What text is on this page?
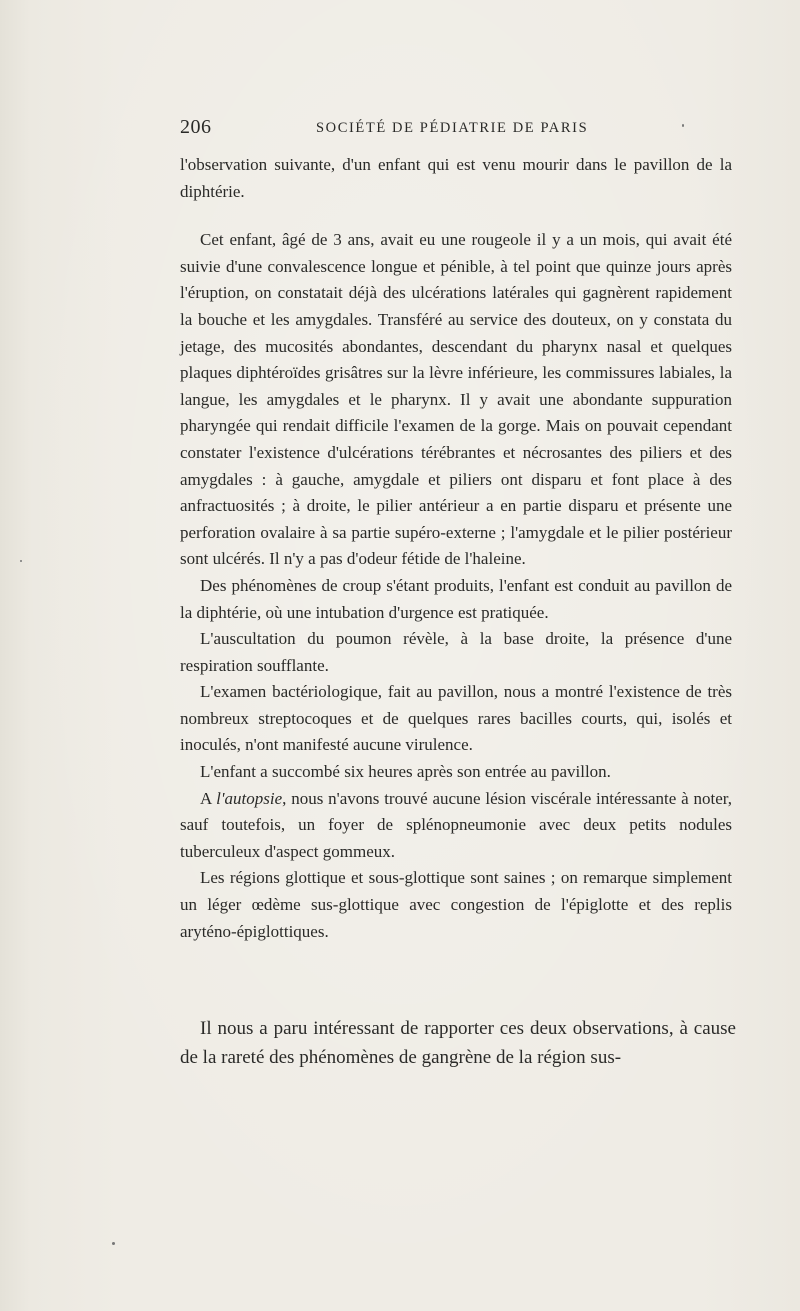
206	SOCIÉTÉ DE PÉDIATRIE DE PARIS

l'observation suivante, d'un enfant qui est venu mourir dans le pavillon de la diphtérie.

Cet enfant, âgé de 3 ans, avait eu une rougeole il y a un mois, qui avait été suivie d'une convalescence longue et pénible, à tel point que quinze jours après l'éruption, on constatait déjà des ulcérations latérales qui gagnèrent rapidement la bouche et les amygdales. Transféré au service des douteux, on y constata du jetage, des mucosités abondantes, descendant du pharynx nasal et quelques plaques diphtéroïdes grisâtres sur la lèvre inférieure, les commissures labiales, la langue, les amygdales et le pharynx. Il y avait une abondante suppuration pharyngée qui rendait difficile l'examen de la gorge. Mais on pouvait cependant constater l'existence d'ulcérations térébrantes et nécrosantes des piliers et des amygdales : à gauche, amygdale et piliers ont disparu et font place à des anfractuosités ; à droite, le pilier antérieur a en partie disparu et présente une perforation ovalaire à sa partie supéro-externe ; l'amygdale et le pilier postérieur sont ulcérés. Il n'y a pas d'odeur fétide de l'haleine.

Des phénomènes de croup s'étant produits, l'enfant est conduit au pavillon de la diphtérie, où une intubation d'urgence est pratiquée.

L'auscultation du poumon révèle, à la base droite, la présence d'une respiration soufflante.

L'examen bactériologique, fait au pavillon, nous a montré l'existence de très nombreux streptocoques et de quelques rares bacilles courts, qui, isolés et inoculés, n'ont manifesté aucune virulence.

L'enfant a succombé six heures après son entrée au pavillon.

A l'autopsie, nous n'avons trouvé aucune lésion viscérale intéressante à noter, sauf toutefois, un foyer de splénopneumonie avec deux petits nodules tuberculeux d'aspect gommeux.

Les régions glottique et sous-glottique sont saines ; on remarque simplement un léger œdème sus-glottique avec congestion de l'épiglotte et des replis aryténo-épiglottiques.

Il nous a paru intéressant de rapporter ces deux observations, à cause de la rareté des phénomènes de gangrène de la région sus-
